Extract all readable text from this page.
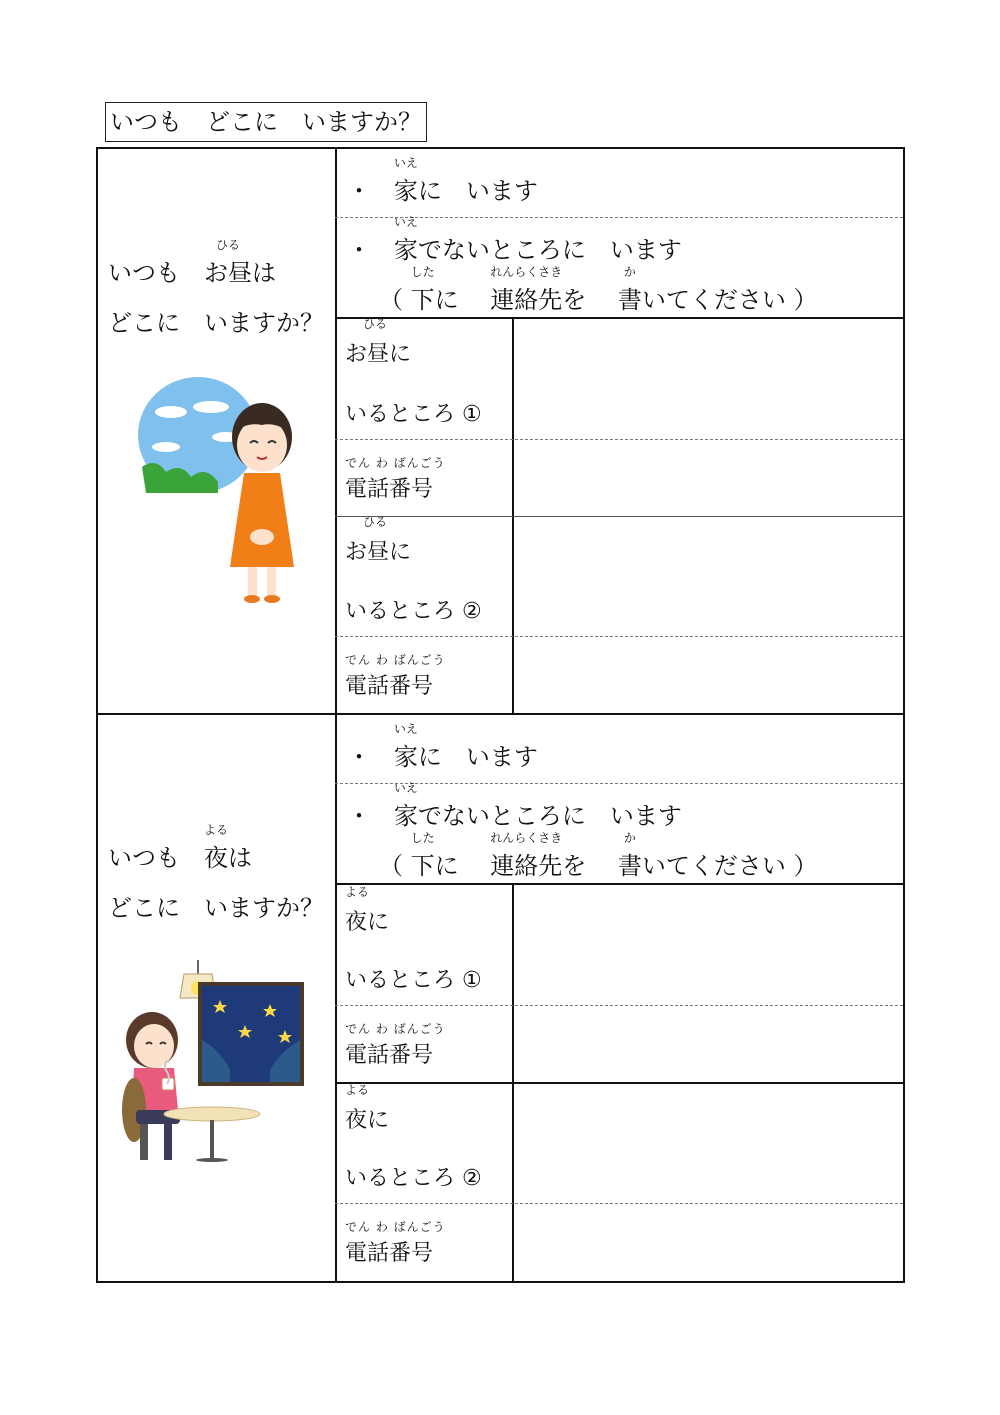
いつも　どこに　いますか？
いつも　
ひる
お昼は
どこに　いますか？
・
いえ
家に　います
・
いえ
家でないところに　います
（
した
下に　
れんらくさき
連絡先を　
か
書いてください ）
ひる
お昼に
いるところ ①
でん わ ばんごう
電話番号
ひる
お昼に
いるところ ②
でん わ ばんごう
電話番号
いつも　
よる
夜は
どこに　いますか？
・
いえ
家に　います
・
いえ
家でないところに　います
（
した
下に　
れんらくさき
連絡先を　
か
書いてください ）
よる
夜に
いるところ ①
でん わ ばんごう
電話番号
よる
夜に
いるところ ②
でん わ ばんごう
電話番号
